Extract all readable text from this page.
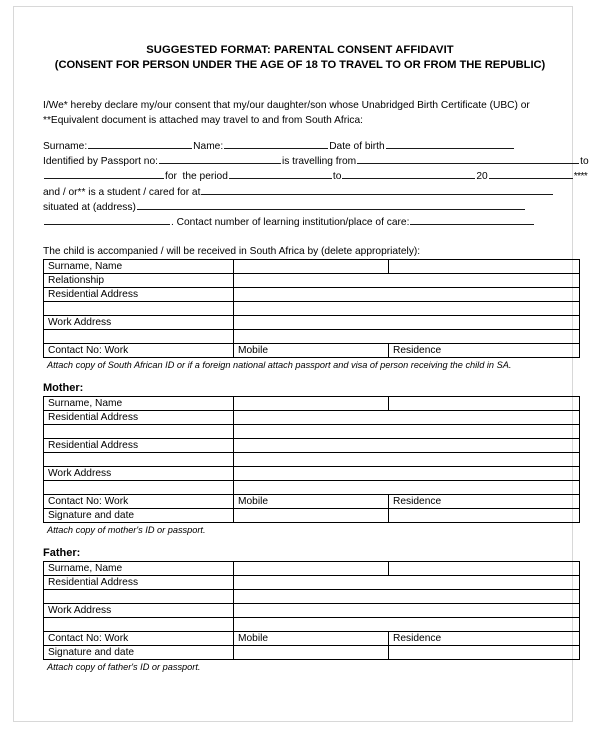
SUGGESTED FORMAT: PARENTAL CONSENT AFFIDAVIT
(CONSENT FOR PERSON UNDER THE AGE OF 18 TO TRAVEL TO OR FROM THE REPUBLIC)
I/We* hereby declare my/our consent that my/our daughter/son whose Unabridged Birth Certificate (UBC) or
**Equivalent document is attached may travel to and from South Africa:
Surname:	Name:	Date of birth
Identified by Passport no:	is travelling from	to
for  the period	to	20	****
and / or** is a student / cared for at
situated at (address)
. Contact number of learning institution/place of care:
The child is accompanied / will be received in South Africa by (delete appropriately):
Surname, Name		
Relationship		
Residential Address		

Work Address		

Contact No: Work	Mobile	Residence
Attach copy of South African ID or if a foreign national attach passport and visa of person receiving the child in SA.
Mother:
Surname, Name		
Residential Address		

Residential Address		

Work Address		

Contact No: Work	Mobile	Residence
Signature and date		
Attach copy of mother's ID or passport.
Father:
Surname, Name		
Residential Address		

Work Address		

Contact No: Work	Mobile	Residence
Signature and date		
Attach copy of father's ID or passport.
